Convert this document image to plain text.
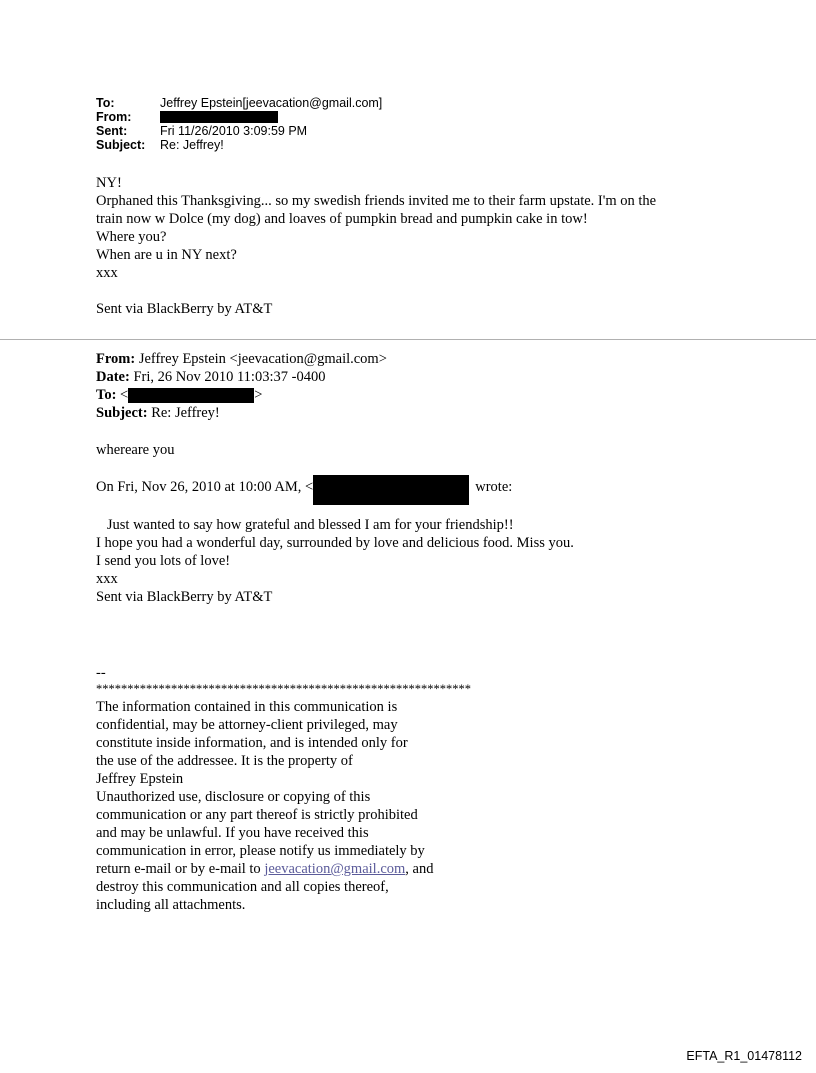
To:	Jeffrey Epstein[jeevacation@gmail.com]
From:
Sent:	Fri 11/26/2010 3:09:59 PM
Subject:	Re: Jeffrey!
NY!
Orphaned this Thanksgiving... so my swedish friends invited me to their farm upstate. I'm on the
train now w Dolce (my dog) and loaves of pumpkin bread and pumpkin cake in tow!
Where you?
When are u in NY next?
xxx
Sent via BlackBerry by AT&T
From: Jeffrey Epstein <jeevacation@gmail.com>
Date: Fri, 26 Nov 2010 11:03:37 -0400
To: <	>
Subject: Re: Jeffrey!
whereare you
On Fri, Nov 26, 2010 at 10:00 AM, <	wrote:
Just wanted to say how grateful and blessed I am for your friendship!!
I hope you had a wonderful day, surrounded by love and delicious food. Miss you.
I send you lots of love!
xxx
Sent via BlackBerry by AT&T
--
************************************************************
The information contained in this communication is
confidential, may be attorney-client privileged, may
constitute inside information, and is intended only for
the use of the addressee. It is the property of
Jeffrey Epstein
Unauthorized use, disclosure or copying of this
communication or any part thereof is strictly prohibited
and may be unlawful. If you have received this
communication in error, please notify us immediately by
return e-mail or by e-mail to jeevacation@gmail.com, and
destroy this communication and all copies thereof,
including all attachments.
EFTA_R1_01478112
